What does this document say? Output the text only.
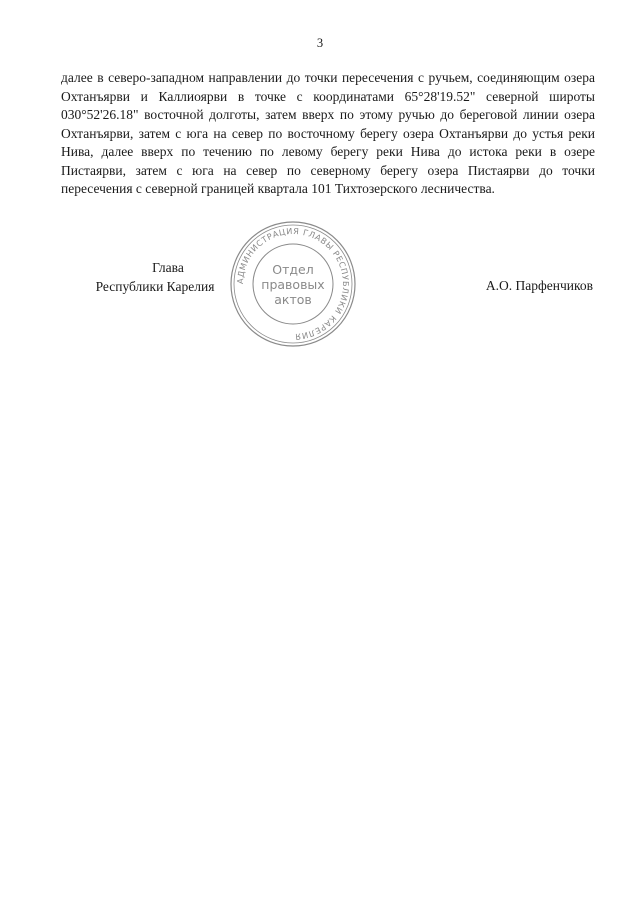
3

далее в северо-западном направлении до точки пересечения с ручьем, соединяющим озера Охтанъярви и Каллиоярви в точке с координатами 65°28'19.52" северной широты 030°52'26.18" восточной долготы, затем вверх по этому ручью до береговой линии озера Охтанъярви, затем с юга на север по восточному берегу озера Охтанъярви до устья реки Нива, далее вверх по течению по левому берегу реки Нива до истока реки в озере Пистаярви, затем с юга на север по северному берегу озера Пистаярви до точки пересечения с северной границей квартала 101 Тихтозерского лесничества.

Глава
Республики Карелия	А.О. Парфенчиков
АДМИНИСТРАЦИЯ ГЛАВЫ РЕСПУБЛИКИ КАРЕЛИЯ
Отдел
правовых
актов
